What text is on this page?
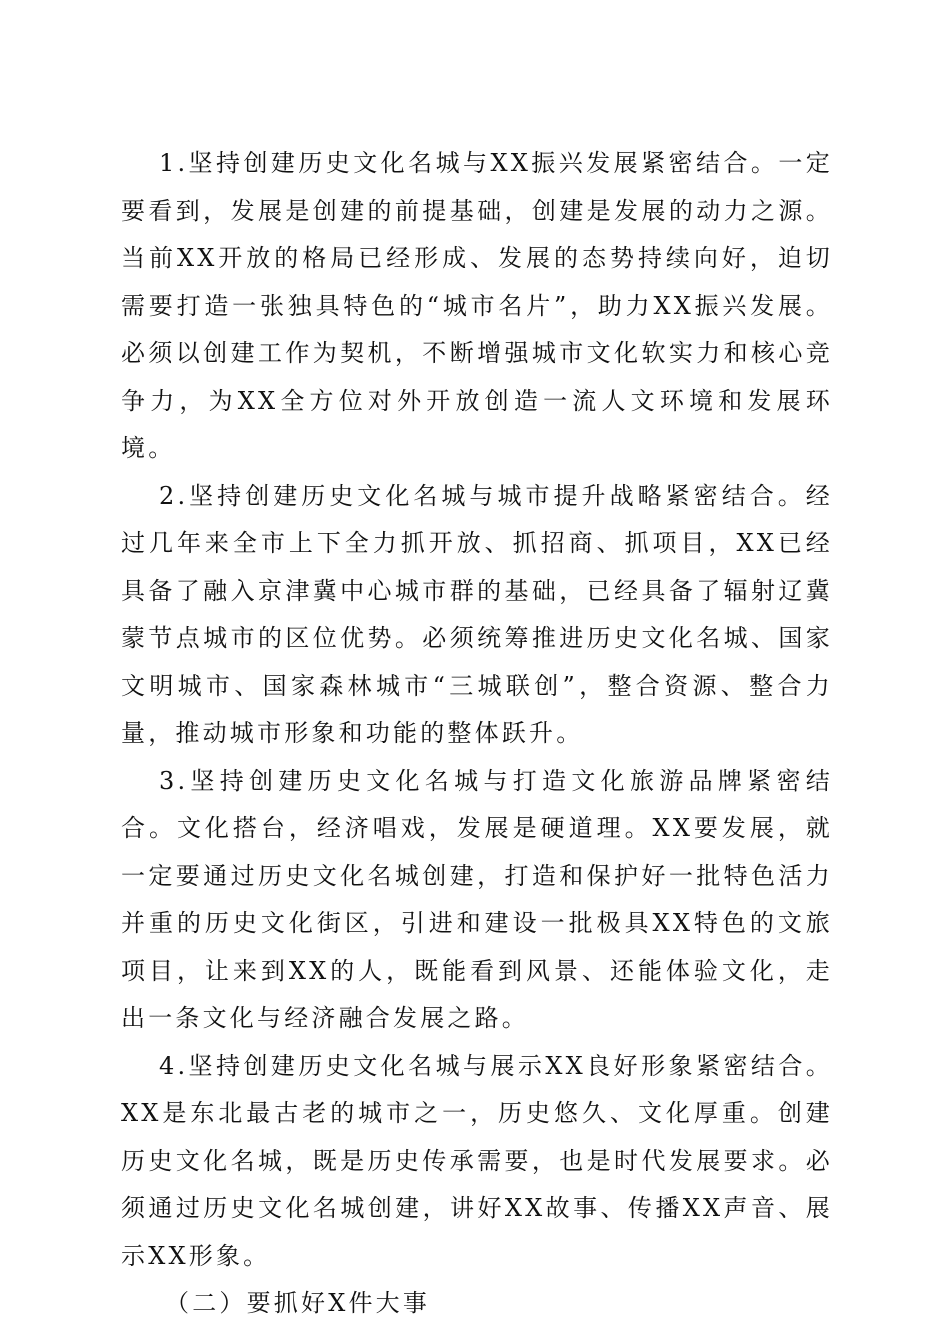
1.坚持创建历史文化名城与XX振兴发展紧密结合。一定要看到，发展是创建的前提基础，创建是发展的动力之源。当前XX开放的格局已经形成、发展的态势持续向好，迫切需要打造一张独具特色的“城市名片”，助力XX振兴发展。必须以创建工作为契机，不断增强城市文化软实力和核心竞争力，为XX全方位对外开放创造一流人文环境和发展环境。

2.坚持创建历史文化名城与城市提升战略紧密结合。经过几年来全市上下全力抓开放、抓招商、抓项目，XX已经具备了融入京津冀中心城市群的基础，已经具备了辐射辽冀蒙节点城市的区位优势。必须统筹推进历史文化名城、国家文明城市、国家森林城市“三城联创”，整合资源、整合力量，推动城市形象和功能的整体跃升。

3.坚持创建历史文化名城与打造文化旅游品牌紧密结合。文化搭台，经济唱戏，发展是硬道理。XX要发展，就一定要通过历史文化名城创建，打造和保护好一批特色活力并重的历史文化街区，引进和建设一批极具XX特色的文旅项目，让来到XX的人，既能看到风景、还能体验文化，走出一条文化与经济融合发展之路。

4.坚持创建历史文化名城与展示XX良好形象紧密结合。XX是东北最古老的城市之一，历史悠久、文化厚重。创建历史文化名城，既是历史传承需要，也是时代发展要求。必须通过历史文化名城创建，讲好XX故事、传播XX声音、展示XX形象。

（二）要抓好X件大事
